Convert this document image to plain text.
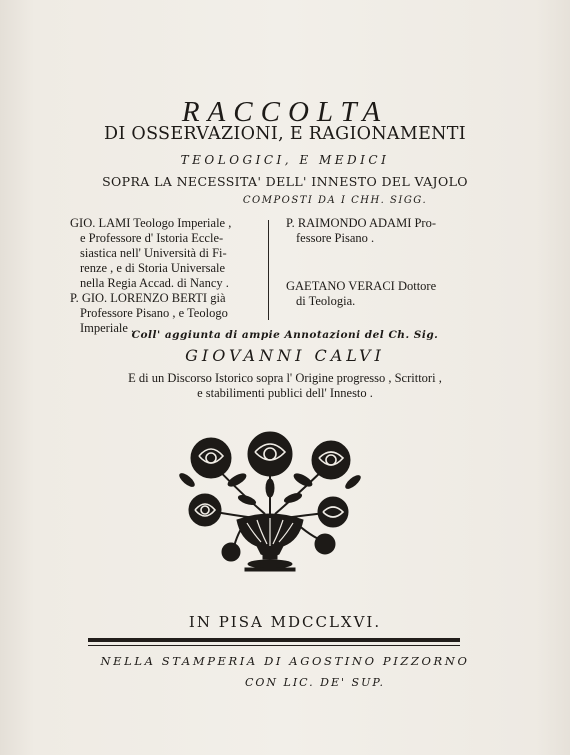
RACCOLTA
DI OSSERVAZIONI, E RAGIONAMENTI
TEOLOGICI, E MEDICI
SOPRA LA NECESSITA' DELL' INNESTO DEL VAJOLO
COMPOSTI DA I CHH. SIGG.
GIO. LAMI Teologo Imperiale ,
e Professore d' Istoria Eccle-
siastica nell' Università di Fi-
renze , e di Storia Universale
nella Regia Accad. di Nancy .
P. GIO. LORENZO BERTI già
Professore Pisano , e Teologo
Imperiale .
P. RAIMONDO ADAMI Pro-
fessore Pisano .
GAETANO VERACI Dottore
di Teologia.
Coll' aggiunta di ampie Annotazioni del Ch. Sig.
GIOVANNI CALVI
E di un Discorso Istorico sopra l' Origine progresso , Scrittori ,
e stabilimenti publici dell' Innesto .
IN PISA MDCCLXVI.
NELLA STAMPERIA DI AGOSTINO PIZZORNO
CON LIC. DE' SUP.
